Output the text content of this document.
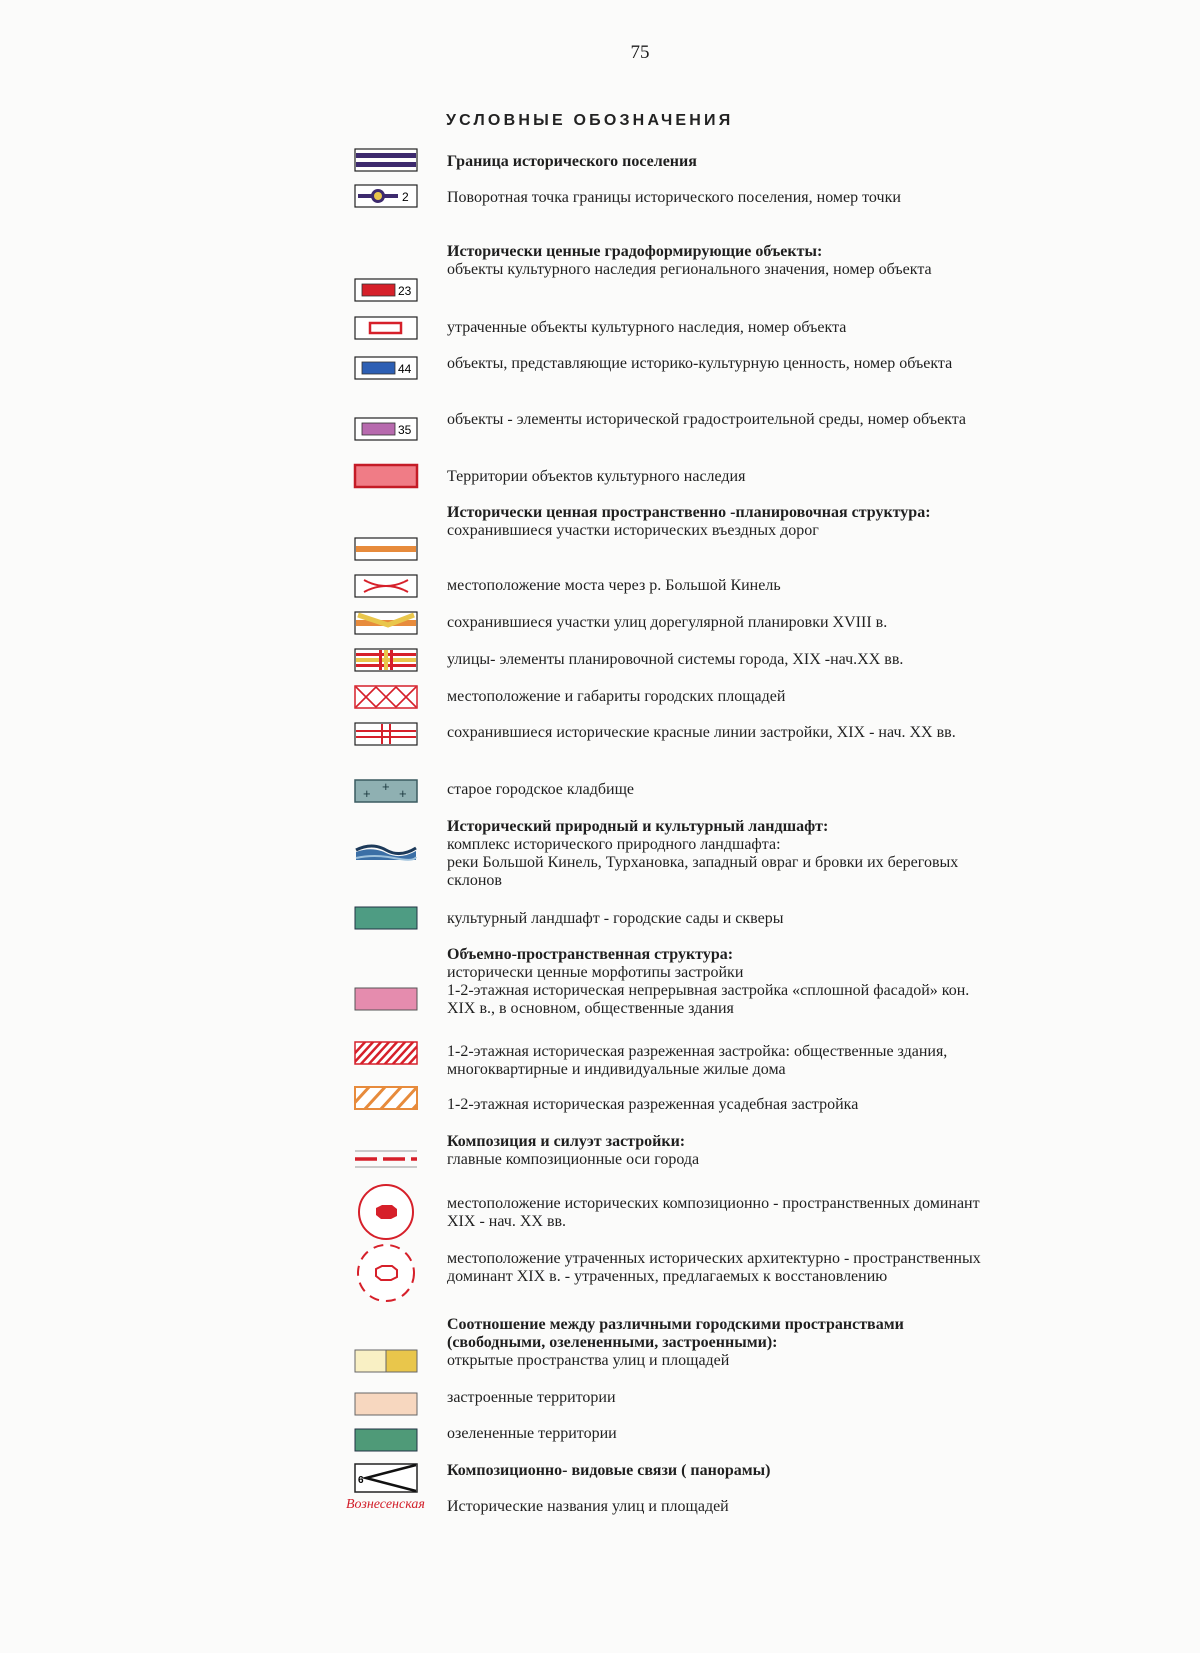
75
УСЛОВНЫЕ ОБОЗНАЧЕНИЯ
Граница исторического поселения
2 Поворотная точка границы исторического поселения, номер точки
23
Исторически ценные градоформирующие объекты:
объекты культурного наследия регионального значения, номер объекта
утраченные объекты культурного наследия, номер объекта
44 объекты, представляющие историко-культурную ценность, номер объекта
35
объекты - элементы исторической градостроительной среды, номер объекта
Территории объектов культурного наследия
Исторически ценная пространственно -планировочная структура:
сохранившиеся участки исторических въездных дорог
местоположение моста через р. Большой Кинель
сохранившиеся участки улиц дорегулярной планировки XVIII в.
улицы- элементы планировочной системы города, XIX -нач.XX вв.
местоположение и габариты городских площадей
сохранившиеся исторические красные линии застройки, XIX - нач. XX вв.
+ + +	старое городское кладбище
Исторический природный и культурный ландшафт:
комплекс исторического природного ландшафта:
реки Большой Кинель, Турхановка, западный овраг и бровки их береговых склонов
культурный ландшафт - городские сады и скверы
Объемно-пространственная структура:
исторически ценные морфотипы застройки
1-2-этажная историческая непрерывная застройка «сплошной фасадой» кон. XIX в., в основном, общественные здания
1-2-этажная историческая разреженная застройка: общественные здания, многоквартирные и индивидуальные жилые дома
1-2-этажная историческая разреженная усадебная застройка
Композиция и силуэт застройки:
главные композиционные оси города
местоположение исторических композиционно - пространственных доминант XIX - нач. XX вв.
местоположение утраченных исторических архитектурно - пространственных доминант XIX в. - утраченных, предлагаемых к восстановлению
Соотношение между различными городскими пространствами (свободными, озелененными, застроенными):
открытые пространства улиц и площадей
застроенные территории
озелененные территории
6
Композиционно- видовые связи ( панорамы)
Вознесенская Исторические названия улиц и площадей
